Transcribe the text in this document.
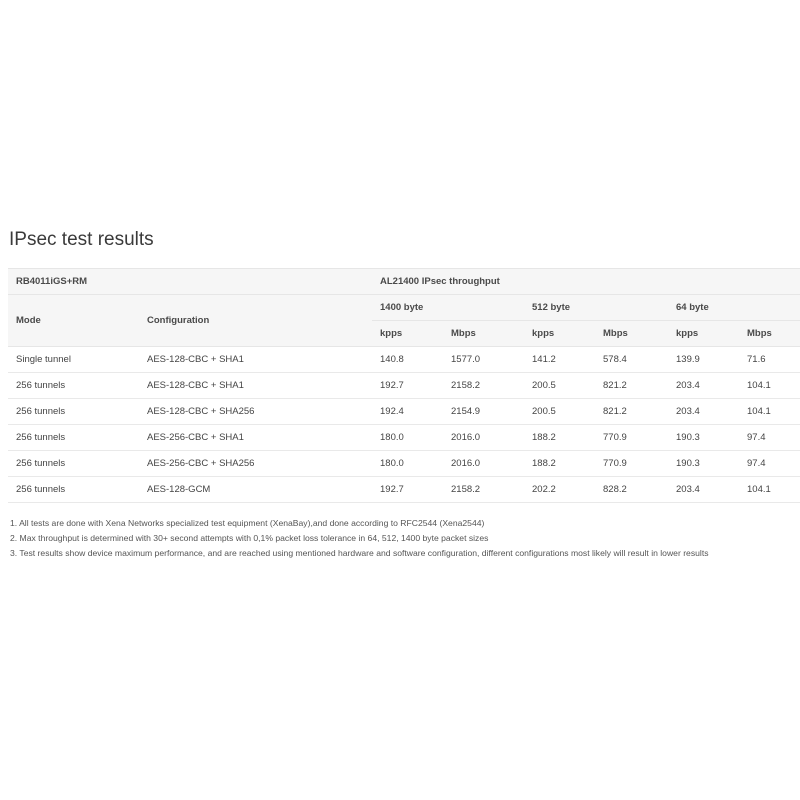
IPsec test results
RB4011iGS+RM		AL21400 IPsec throughput					
Mode	Configuration	1400 byte		512 byte		64 byte	
		kpps	Mbps	kpps	Mbps	kpps	Mbps
Single tunnel	AES-128-CBC + SHA1	140.8	1577.0	141.2	578.4	139.9	71.6
256 tunnels	AES-128-CBC + SHA1	192.7	2158.2	200.5	821.2	203.4	104.1
256 tunnels	AES-128-CBC + SHA256	192.4	2154.9	200.5	821.2	203.4	104.1
256 tunnels	AES-256-CBC + SHA1	180.0	2016.0	188.2	770.9	190.3	97.4
256 tunnels	AES-256-CBC + SHA256	180.0	2016.0	188.2	770.9	190.3	97.4
256 tunnels	AES-128-GCM	192.7	2158.2	202.2	828.2	203.4	104.1
1. All tests are done with Xena Networks specialized test equipment (XenaBay),and done according to RFC2544 (Xena2544)
2. Max throughput is determined with 30+ second attempts with 0,1% packet loss tolerance in 64, 512, 1400 byte packet sizes
3. Test results show device maximum performance, and are reached using mentioned hardware and software configuration, different configurations most likely will result in lower results
